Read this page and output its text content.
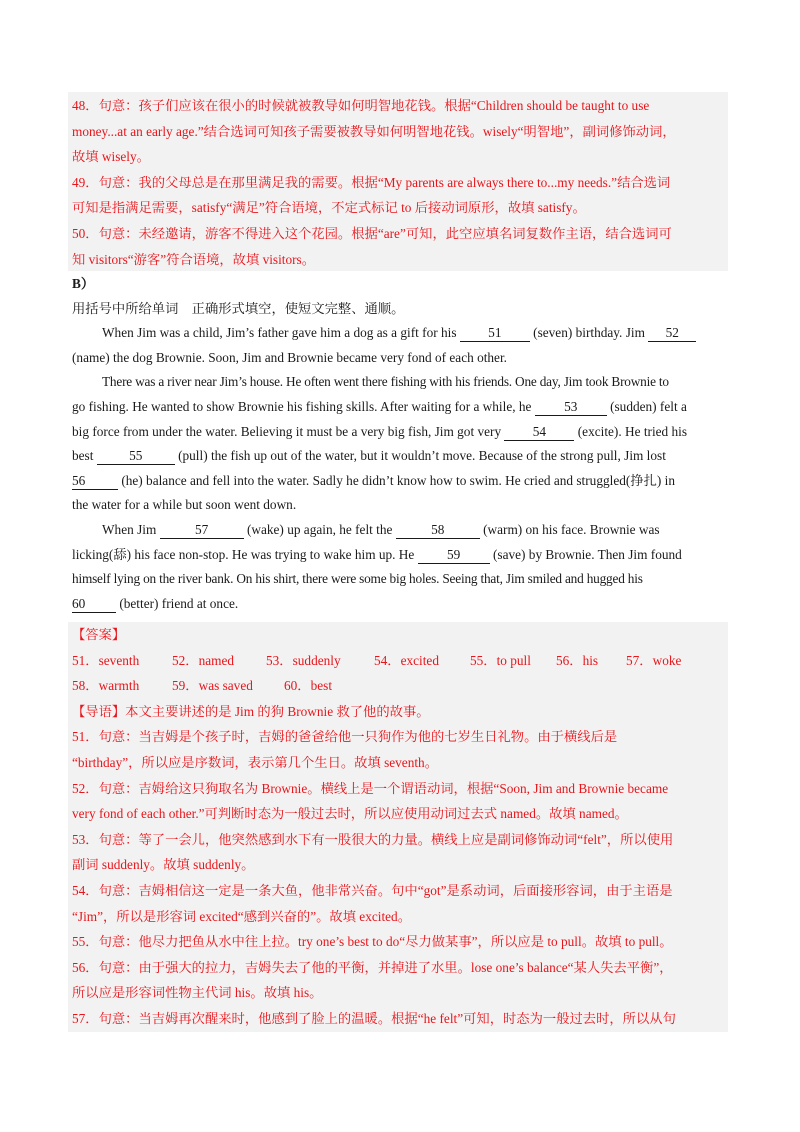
48．句意：孩子们应该在很小的时候就被教导如何明智地花钱。根据“Children should be taught to use
money...at an early age.”结合选词可知孩子需要被教导如何明智地花钱。wisely“明智地”，副词修饰动词，
故填 wisely。
49．句意：我的父母总是在那里满足我的需要。根据“My parents are always there to...my needs.”结合选词
可知是指满足需要，satisfy“满足”符合语境，不定式标记 to 后接动词原形，故填 satisfy。
50．句意：未经邀请，游客不得进入这个花园。根据“are”可知，此空应填名词复数作主语，结合选词可
知 visitors“游客”符合语境，故填 visitors。
B）
用括号中所给单词　正确形式填空，使短文完整、通顺。
When Jim was a child, Jim’s father gave him a dog as a gift for his 51 (seven) birthday. Jim 52
(name) the dog Brownie. Soon, Jim and Brownie became very fond of each other.
There was a river near Jim’s house. He often went there fishing with his friends. One day, Jim took Brownie to
go fishing. He wanted to show Brownie his fishing skills. After waiting for a while, he 53 (sudden) felt a
big force from under the water. Believing it must be a very big fish, Jim got very 54 (excite). He tried his
best	55	(pull) the fish up out of the water, but it wouldn’t move. Because of the strong pull, Jim lost
56	(he) balance and fell into the water. Sadly he didn’t know how to swim. He cried and struggled(挣扎) in
the water for a while but soon went down.
When Jim	57	(wake) up again, he felt the	58	(warm) on his face. Brownie was
licking(舔) his face non-stop. He was trying to wake him up. He 59 (save) by Brownie. Then Jim found
himself lying on the river bank. On his shirt, there were some big holes. Seeing that, Jim smiled and hugged his
60	(better) friend at once.
【答案】
51．seventh	52．named	53．suddenly	54．excited	55．to pull	56．his	57．woke
58．warmth	59．was saved	60．best
【导语】本文主要讲述的是 Jim 的狗 Brownie 救了他的故事。
51．句意：当吉姆是个孩子时，吉姆的爸爸给他一只狗作为他的七岁生日礼物。由于横线后是
“birthday”，所以应是序数词，表示第几个生日。故填 seventh。
52．句意：吉姆给这只狗取名为 Brownie。横线上是一个谓语动词，根据“Soon, Jim and Brownie became
very fond of each other.”可判断时态为一般过去时，所以应使用动词过去式 named。故填 named。
53．句意：等了一会儿，他突然感到水下有一股很大的力量。横线上应是副词修饰动词“felt”，所以使用
副词 suddenly。故填 suddenly。
54．句意：吉姆相信这一定是一条大鱼，他非常兴奋。句中“got”是系动词，后面接形容词，由于主语是
“Jim”，所以是形容词 excited“感到兴奋的”。故填 excited。
55．句意：他尽力把鱼从水中往上拉。try one’s best to do“尽力做某事”，所以应是 to pull。故填 to pull。
56．句意：由于强大的拉力，吉姆失去了他的平衡，并掉进了水里。lose one’s balance“某人失去平衡”，
所以应是形容词性物主代词 his。故填 his。
57．句意：当吉姆再次醒来时，他感到了脸上的温暖。根据“he felt”可知，时态为一般过去时，所以从句
